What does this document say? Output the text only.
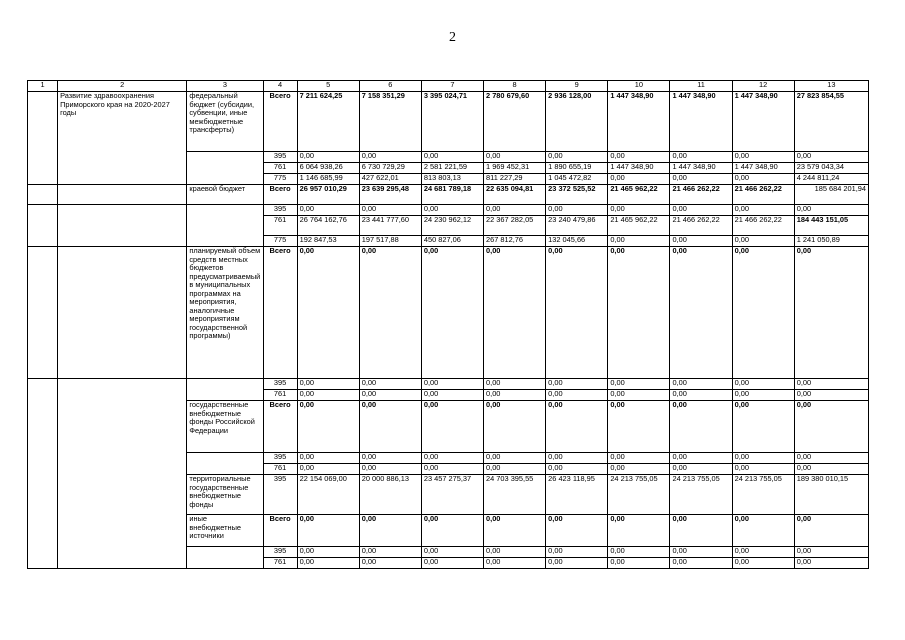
2
1	2	3	4	5	6	7	8	9	10	11	12	13
	Развитие здравоохранения Приморского края на 2020-2027 годы	федеральный бюджет (субсидии, субвенции, иные межбюджетные трансферты)	Всего	7 211 624,25	7 158 351,29	3 395 024,71	2 780 679,60	2 936 128,00	1 447 348,90	1 447 348,90	1 447 348,90	27 823 854,55
			395	0,00	0,00	0,00	0,00	0,00	0,00	0,00	0,00	0,00
			761	6 064 938,26	6 730 729,29	2 581 221,59	1 969 452,31	1 890 655,19	1 447 348,90	1 447 348,90	1 447 348,90	23 579 043,34
			775	1 146 685,99	427 622,01	813 803,13	811 227,29	1 045 472,82	0,00	0,00	0,00	4 244 811,24
		краевой бюджет	Всего	26 957 010,29	23 639 295,48	24 681 789,18	22 635 094,81	23 372 525,52	21 465 962,22	21 466 262,22	21 466 262,22	185 684 201,94
			395	0,00	0,00	0,00	0,00	0,00	0,00	0,00	0,00	0,00
			761	26 764 162,76	23 441 777,60	24 230 962,12	22 367 282,05	23 240 479,86	21 465 962,22	21 466 262,22	21 466 262,22	184 443 151,05
			775	192 847,53	197 517,88	450 827,06	267 812,76	132 045,66	0,00	0,00	0,00	1 241 050,89
		планируемый объем средств местных бюджетов предусматриваемый в муниципальных программах на мероприятия, аналогичные мероприятиям государственной программы)	Всего	0,00	0,00	0,00	0,00	0,00	0,00	0,00	0,00	0,00
			395	0,00	0,00	0,00	0,00	0,00	0,00	0,00	0,00	0,00
			761	0,00	0,00	0,00	0,00	0,00	0,00	0,00	0,00	0,00
		государственные внебюджетные фонды Российской Федерации	Всего	0,00	0,00	0,00	0,00	0,00	0,00	0,00	0,00	0,00
			395	0,00	0,00	0,00	0,00	0,00	0,00	0,00	0,00	0,00
			761	0,00	0,00	0,00	0,00	0,00	0,00	0,00	0,00	0,00
		территориальные государственные внебюджетные фонды	395	22 154 069,00	20 000 886,13	23 457 275,37	24 703 395,55	26 423 118,95	24 213 755,05	24 213 755,05	24 213 755,05	189 380 010,15
		иные внебюджетные источники	Всего	0,00	0,00	0,00	0,00	0,00	0,00	0,00	0,00	0,00
			395	0,00	0,00	0,00	0,00	0,00	0,00	0,00	0,00	0,00
			761	0,00	0,00	0,00	0,00	0,00	0,00	0,00	0,00	0,00
